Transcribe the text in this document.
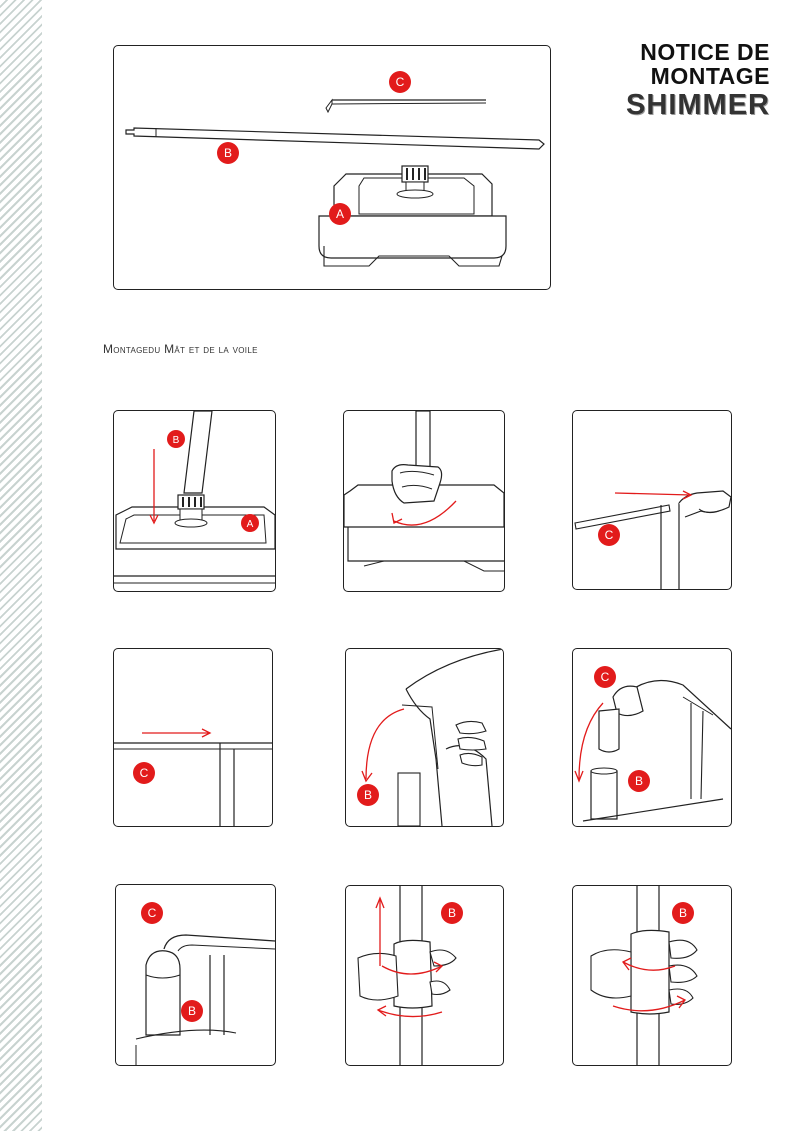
NOTICE DE
MONTAGE
SHIMMER
C
B
A
Montagedu Mât et de la voile
B
A
C
C
B
C
B
C
B
B	B
